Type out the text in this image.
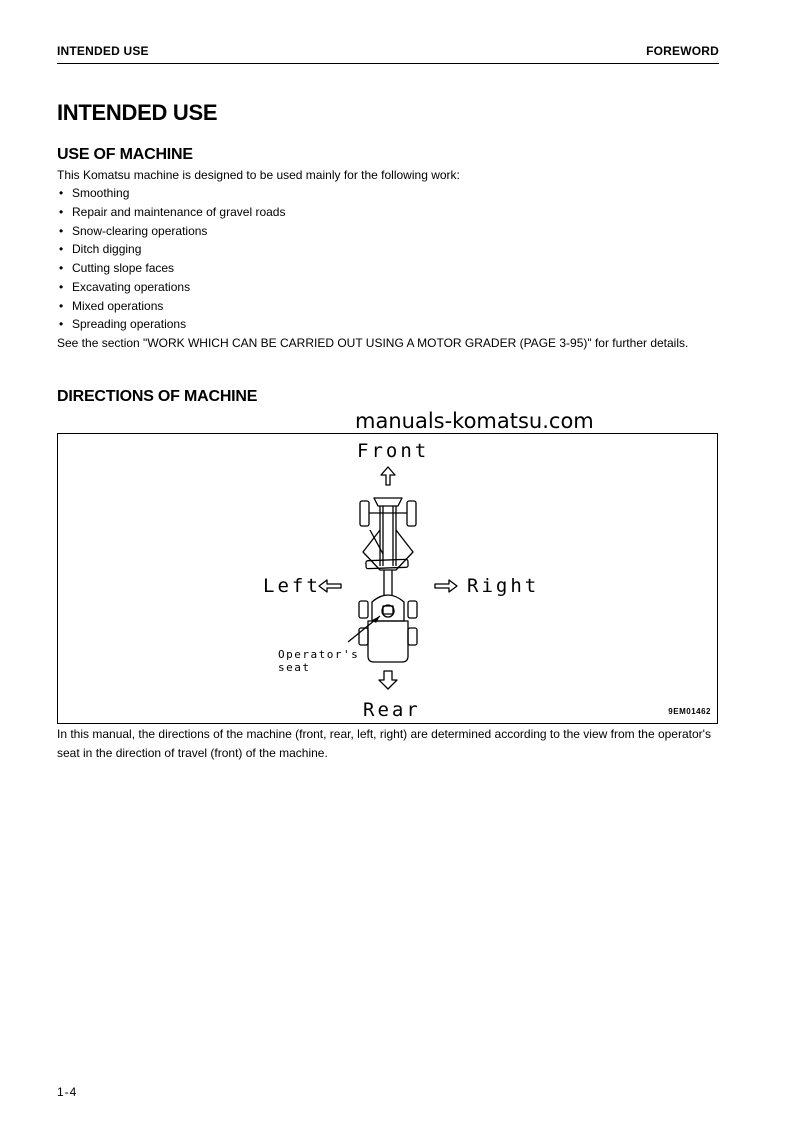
INTENDED USE	FOREWORD
INTENDED USE
USE OF MACHINE
This Komatsu machine is designed to be used mainly for the following work:
• Smoothing
• Repair and maintenance of gravel roads
• Snow-clearing operations
• Ditch digging
• Cutting slope faces
• Excavating operations
• Mixed operations
• Spreading operations
See the section "WORK WHICH CAN BE CARRIED OUT USING A MOTOR GRADER (PAGE 3-95)" for further details.
DIRECTIONS OF MACHINE
Front
Left	Right
Rear
Operator's
seat
9EM01462
manuals-komatsu.com
In this manual, the directions of the machine (front, rear, left, right) are determined according to the view from the operator's seat in the direction of travel (front) of the machine.
1-4
